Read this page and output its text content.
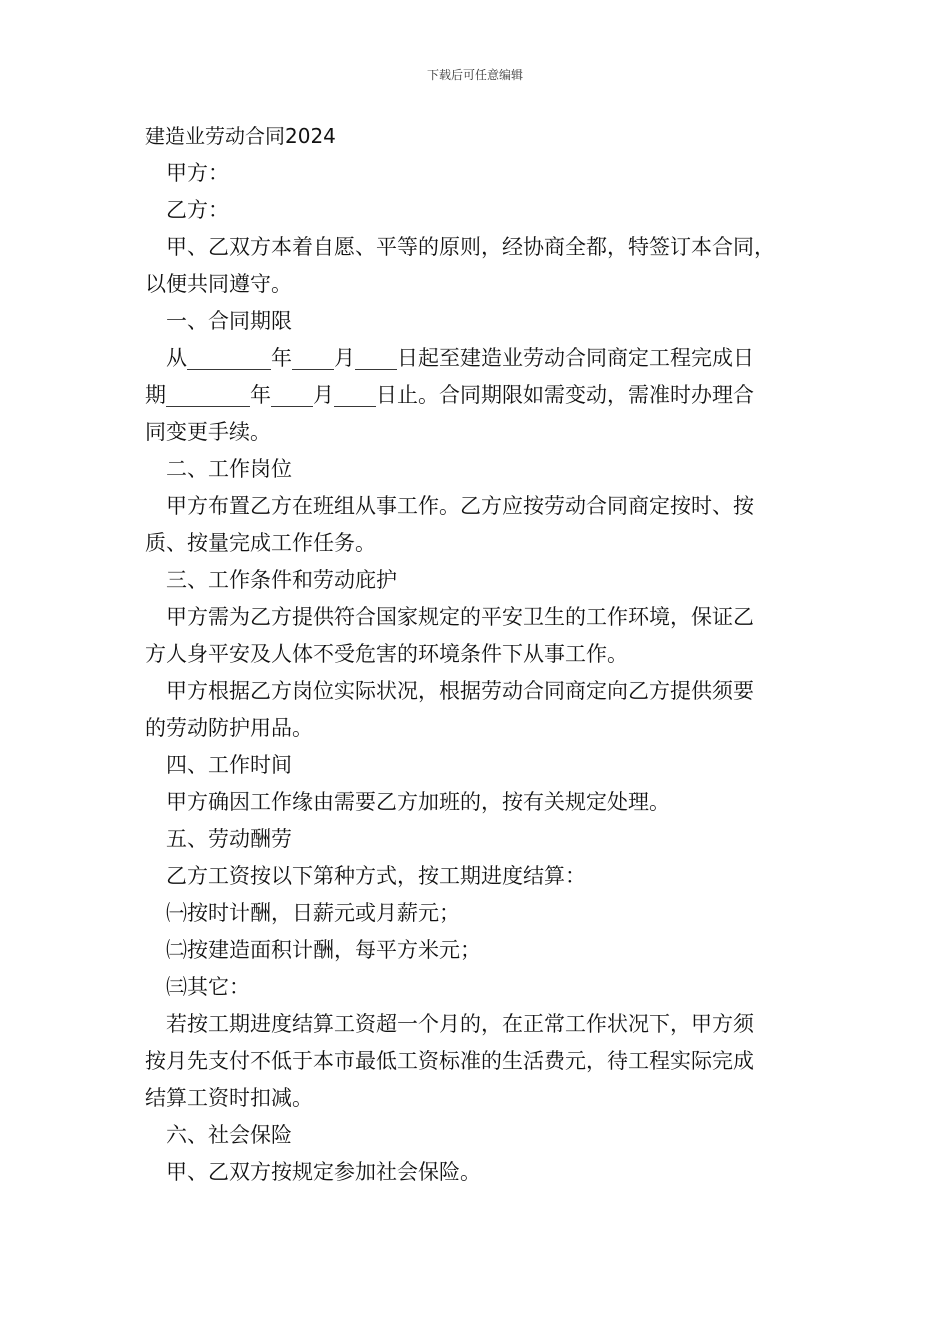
下载后可任意编辑
建造业劳动合同2024
甲方：
乙方：
甲、乙双方本着自愿、平等的原则，经协商全都，特签订本合同，
以便共同遵守。
一、合同期限
从________年____月____日起至建造业劳动合同商定工程完成日
期________年____月____日止。合同期限如需变动，需准时办理合
同变更手续。
二、工作岗位
甲方布置乙方在班组从事工作。乙方应按劳动合同商定按时、按
质、按量完成工作任务。
三、工作条件和劳动庇护
甲方需为乙方提供符合国家规定的平安卫生的工作环境，保证乙
方人身平安及人体不受危害的环境条件下从事工作。
甲方根据乙方岗位实际状况，根据劳动合同商定向乙方提供须要
的劳动防护用品。
四、工作时间
甲方确因工作缘由需要乙方加班的，按有关规定处理。
五、劳动酬劳
乙方工资按以下第种方式，按工期进度结算：
㈠按时计酬，日薪元或月薪元；
㈡按建造面积计酬，每平方米元；
㈢其它：
若按工期进度结算工资超一个月的，在正常工作状况下，甲方须
按月先支付不低于本市最低工资标准的生活费元，待工程实际完成
结算工资时扣减。
六、社会保险
甲、乙双方按规定参加社会保险。
